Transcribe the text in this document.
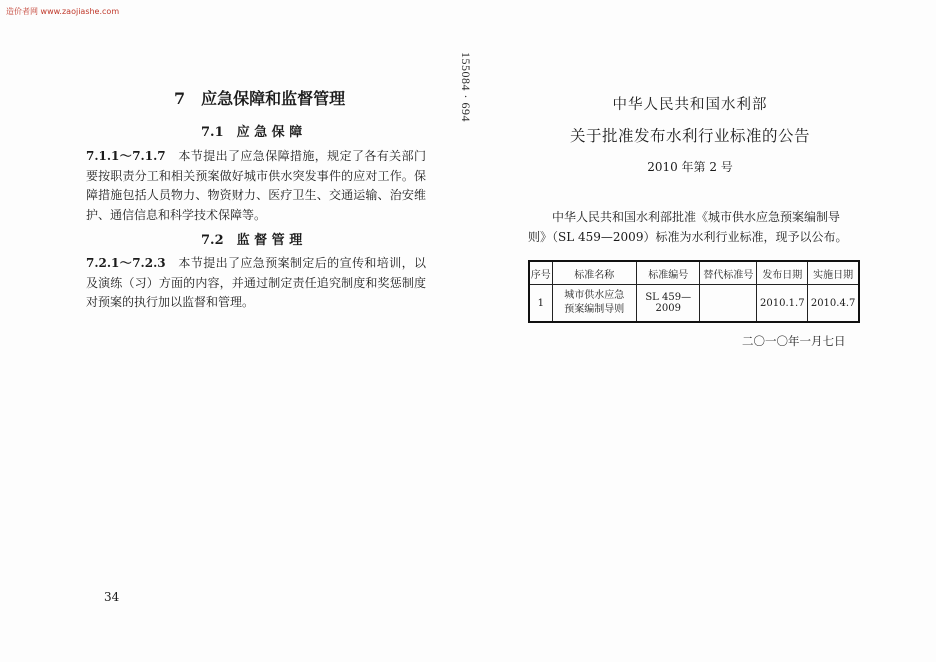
造价者网 www.zaojiashe.com
155084 · 694
7　应急保障和监督管理
7.1　应 急 保 障
7.1.1～7.1.7　 本节提出了应急保障措施，规定了各有关部门要按职责分工和相关预案做好城市供水突发事件的应对工作。保障措施包括人员物力、物资财力、医疗卫生、交通运输、治安维护、通信信息和科学技术保障等。
7.2　监 督 管 理
7.2.1～7.2.3　 本节提出了应急预案制定后的宣传和培训，以及演练（习）方面的内容，并通过制定责任追究制度和奖惩制度对预案的执行加以监督和管理。
34
中华人民共和国水利部
关于批准发布水利行业标准的公告
2010 年第 2 号
中华人民共和国水利部批准《城市供水应急预案编制导则》（SL 459—2009）标准为水利行业标准，现予以公布。
序号	标准名称	标准编号	替代标准号	发布日期	实施日期
1	城市供水应急预案编制导则	SL 459—2009		2010.1.7	2010.4.7
二〇一〇年一月七日
